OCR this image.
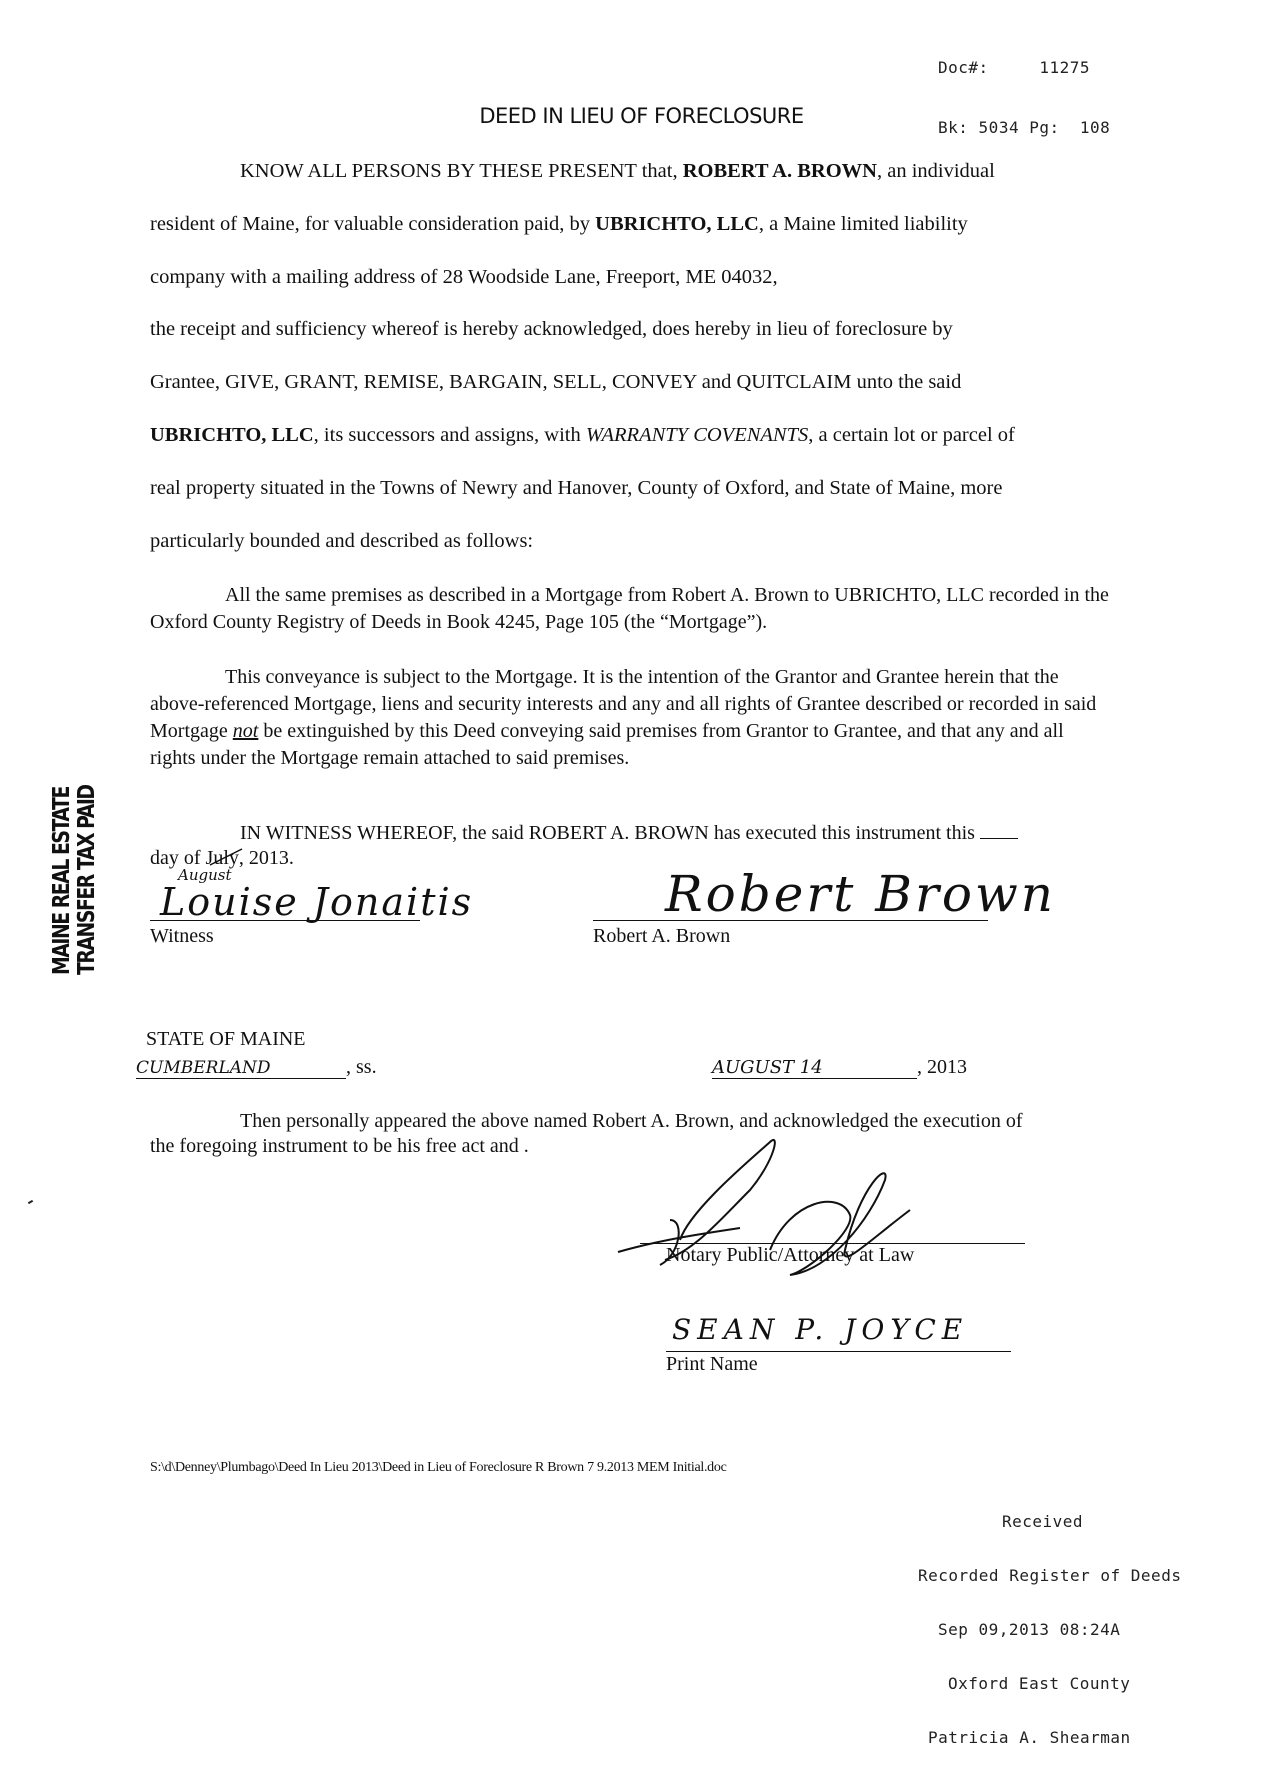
Doc#:	11275

Bk: 5034 Pg: 108

DEED IN LIEU OF FORECLOSURE
KNOW ALL PERSONS BY THESE PRESENT that, ROBERT A. BROWN, an individual
resident of Maine, for valuable consideration paid, by UBRICHTO, LLC, a Maine limited liability
company with a mailing address of 28 Woodside Lane, Freeport, ME 04032,
the receipt and sufficiency whereof is hereby acknowledged, does hereby in lieu of foreclosure by
Grantee, GIVE, GRANT, REMISE, BARGAIN, SELL, CONVEY and QUITCLAIM unto the said
UBRICHTO, LLC, its successors and assigns, with WARRANTY COVENANTS, a certain lot or parcel of
real property situated in the Towns of Newry and Hanover, County of Oxford, and State of Maine, more
particularly bounded and described as follows:

All the same premises as described in a Mortgage from Robert A. Brown to UBRICHTO, LLC recorded in the Oxford County Registry of Deeds in Book 4245, Page 105 (the “Mortgage”).

This conveyance is subject to the Mortgage. It is the intention of the Grantor and Grantee herein that the above-referenced Mortgage, liens and security interests and any and all rights of Grantee described or recorded in said Mortgage not be extinguished by this Deed conveying said premises from Grantor to Grantee, and that any and all rights under the Mortgage remain attached to said premises.

MAINE REAL ESTATE TRANSFER TAX PAID	IN WITNESS WHEREOF, the said ROBERT A. BROWN has executed this instrument this
day of July
, 2013.
August
Louise Jonaitis
Witness
Robert Brown
Robert A. Brown
STATE OF MAINE
CUMBERLAND	, ss.	AUGUST 14	, 2013
Then personally appeared the above named Robert A. Brown, and acknowledged the execution of
the foregoing instrument to be his free act and .
Notary Public/Attorney at Law
SEAN P. JOYCE
Print Name
S:\d\Denney\Plumbago\Deed In Lieu 2013\Deed in Lieu of Foreclosure R Brown 7 9.2013 MEM Initial.doc

Received

Recorded Register of Deeds

Sep 09,2013 08:24A

Oxford East County

Patricia A. Shearman
